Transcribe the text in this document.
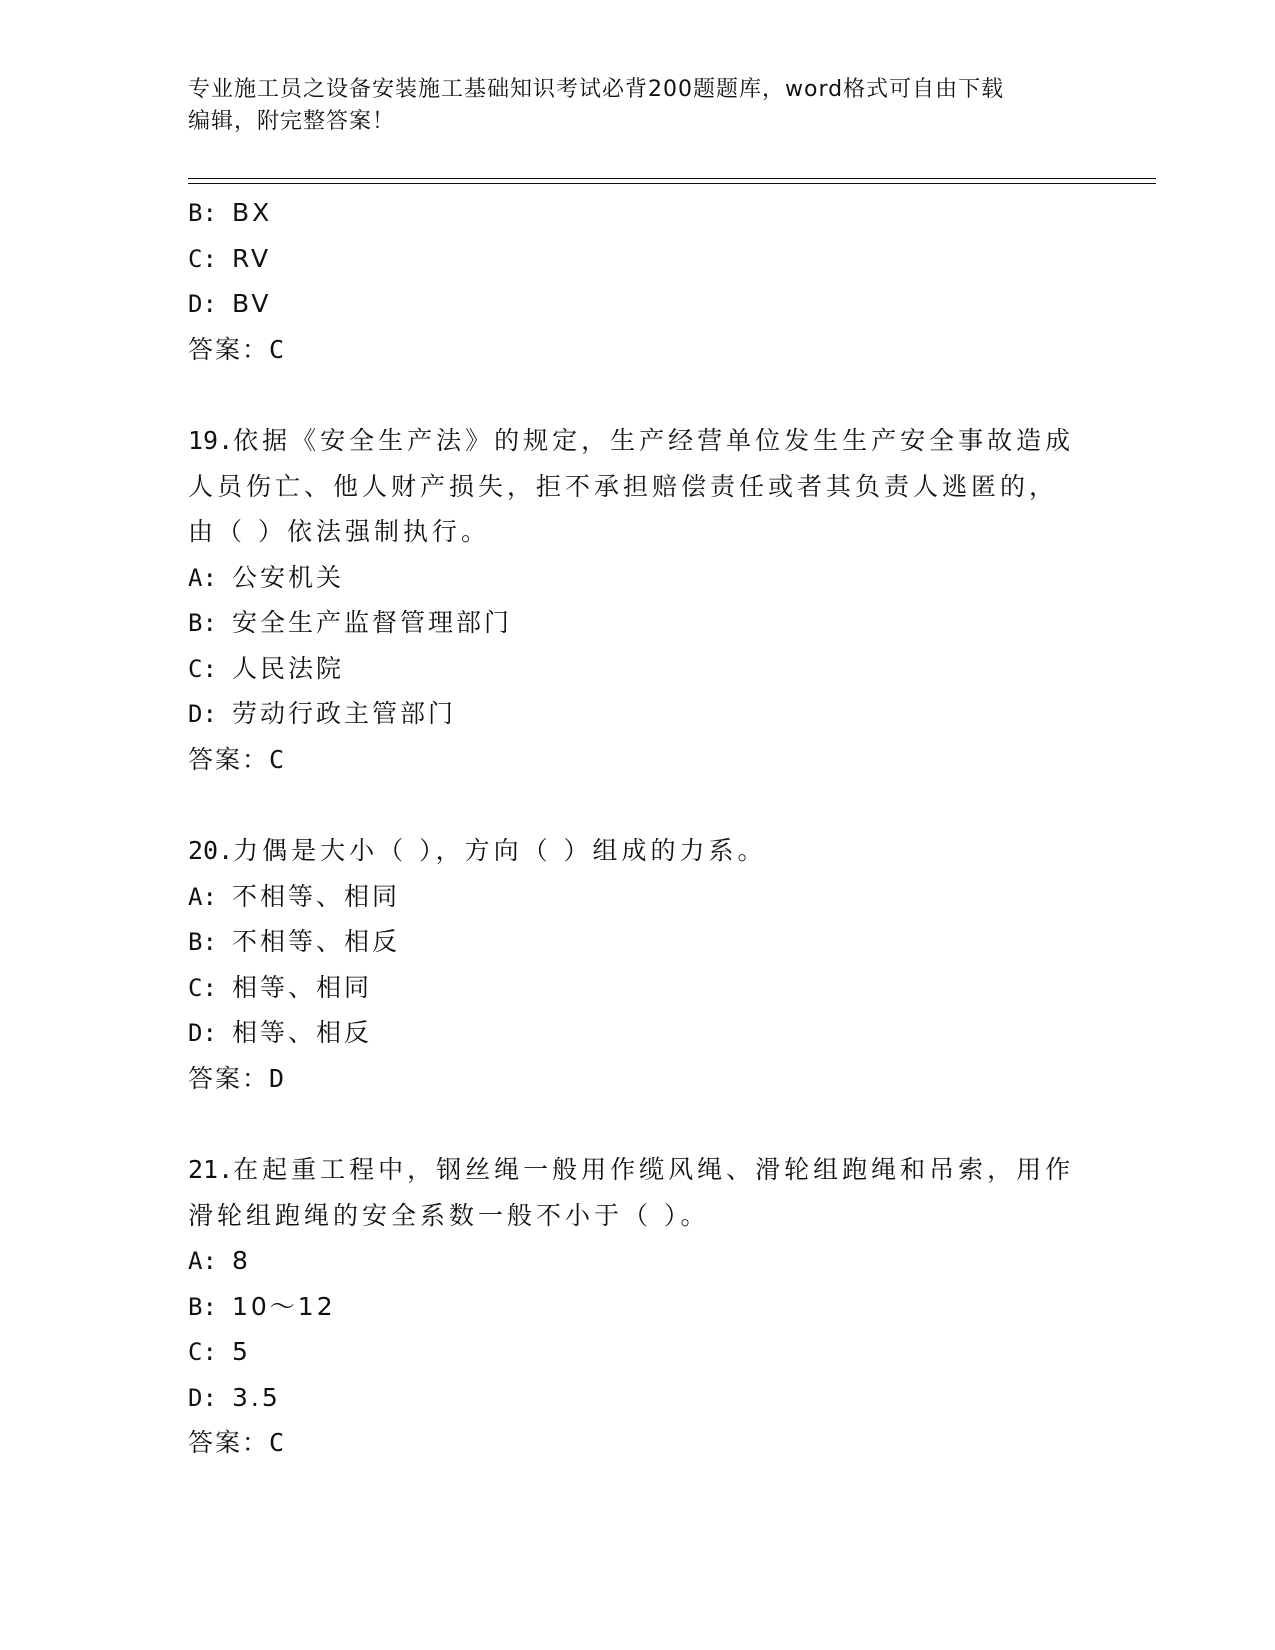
专业施工员之设备安装施工基础知识考试必背200题题库，word格式可自由下载
编辑，附完整答案！
B: BX
C: RV
D: BV
答案：C
19.依据《安全生产法》的规定，生产经营单位发生生产安全事故造成
人员伤亡、他人财产损失，拒不承担赔偿责任或者其负责人逃匿的，
由（ ）依法强制执行。
A: 公安机关
B: 安全生产监督管理部门
C: 人民法院
D: 劳动行政主管部门
答案：C
20.力偶是大小（ ），方向（ ）组成的力系。
A: 不相等、相同
B: 不相等、相反
C: 相等、相同
D: 相等、相反
答案：D
21.在起重工程中，钢丝绳一般用作缆风绳、滑轮组跑绳和吊索，用作
滑轮组跑绳的安全系数一般不小于（ ）。
A: 8
B: 10～12
C: 5
D: 3.5
答案：C
